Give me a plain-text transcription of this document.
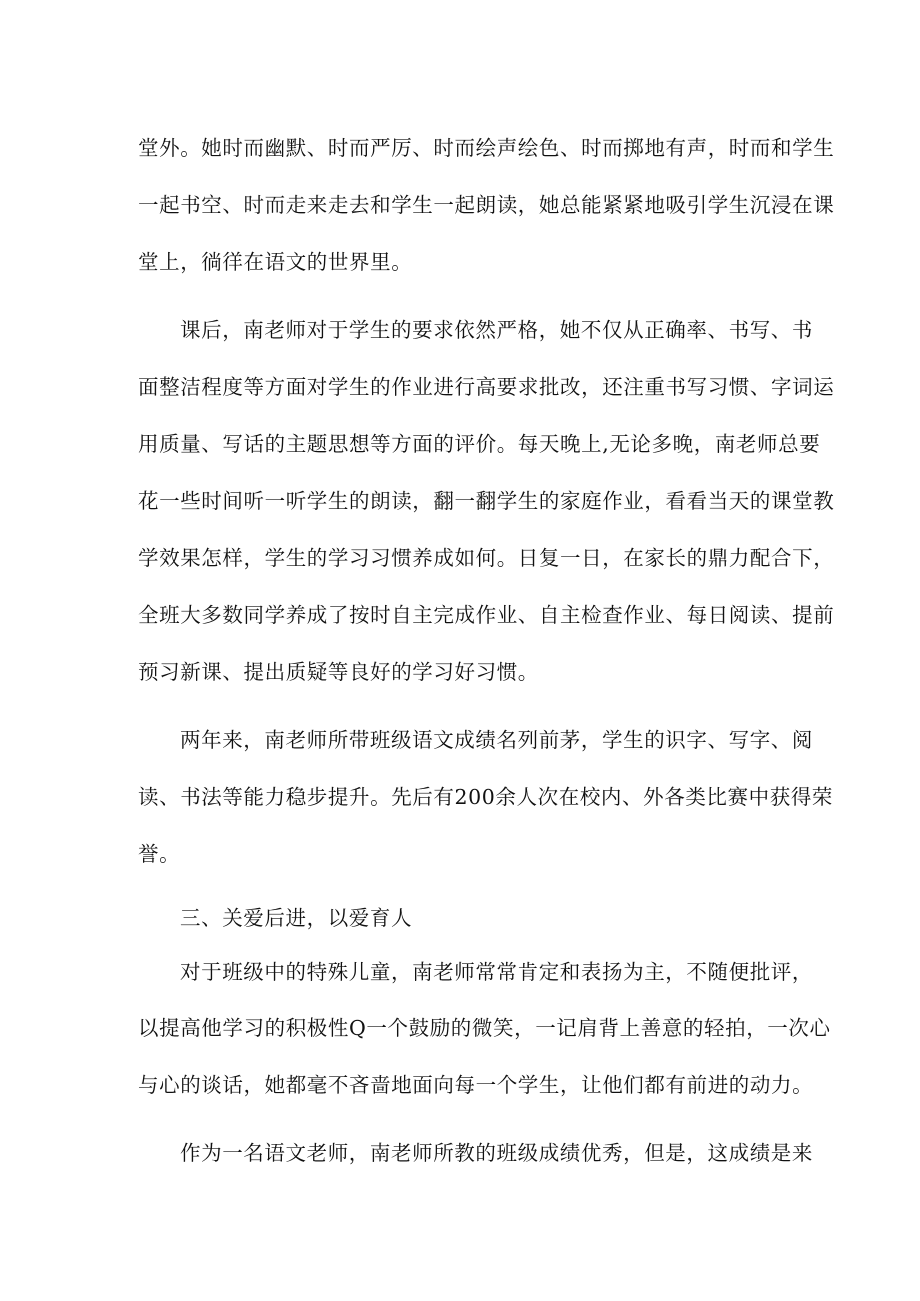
堂外。她时而幽默、时而严厉、时而绘声绘色、时而掷地有声，时而和学生
一起书空、时而走来走去和学生一起朗读，她总能紧紧地吸引学生沉浸在课
堂上，徜徉在语文的世界里。
课后，南老师对于学生的要求依然严格，她不仅从正确率、书写、书
面整洁程度等方面对学生的作业进行高要求批改，还注重书写习惯、字词运
用质量、写话的主题思想等方面的评价。每天晚上,无论多晚，南老师总要
花一些时间听一听学生的朗读，翻一翻学生的家庭作业，看看当天的课堂教
学效果怎样，学生的学习习惯养成如何。日复一日，在家长的鼎力配合下，
全班大多数同学养成了按时自主完成作业、自主检查作业、每日阅读、提前
预习新课、提出质疑等良好的学习好习惯。
两年来，南老师所带班级语文成绩名列前茅，学生的识字、写字、阅
读、书法等能力稳步提升。先后有200余人次在校内、外各类比赛中获得荣
誉。
三、关爱后进，以爱育人
对于班级中的特殊儿童，南老师常常肯定和表扬为主，不随便批评，
以提高他学习的积极性Q一个鼓励的微笑，一记肩背上善意的轻拍，一次心
与心的谈话，她都毫不吝啬地面向每一个学生，让他们都有前进的动力。
作为一名语文老师，南老师所教的班级成绩优秀，但是，这成绩是来
